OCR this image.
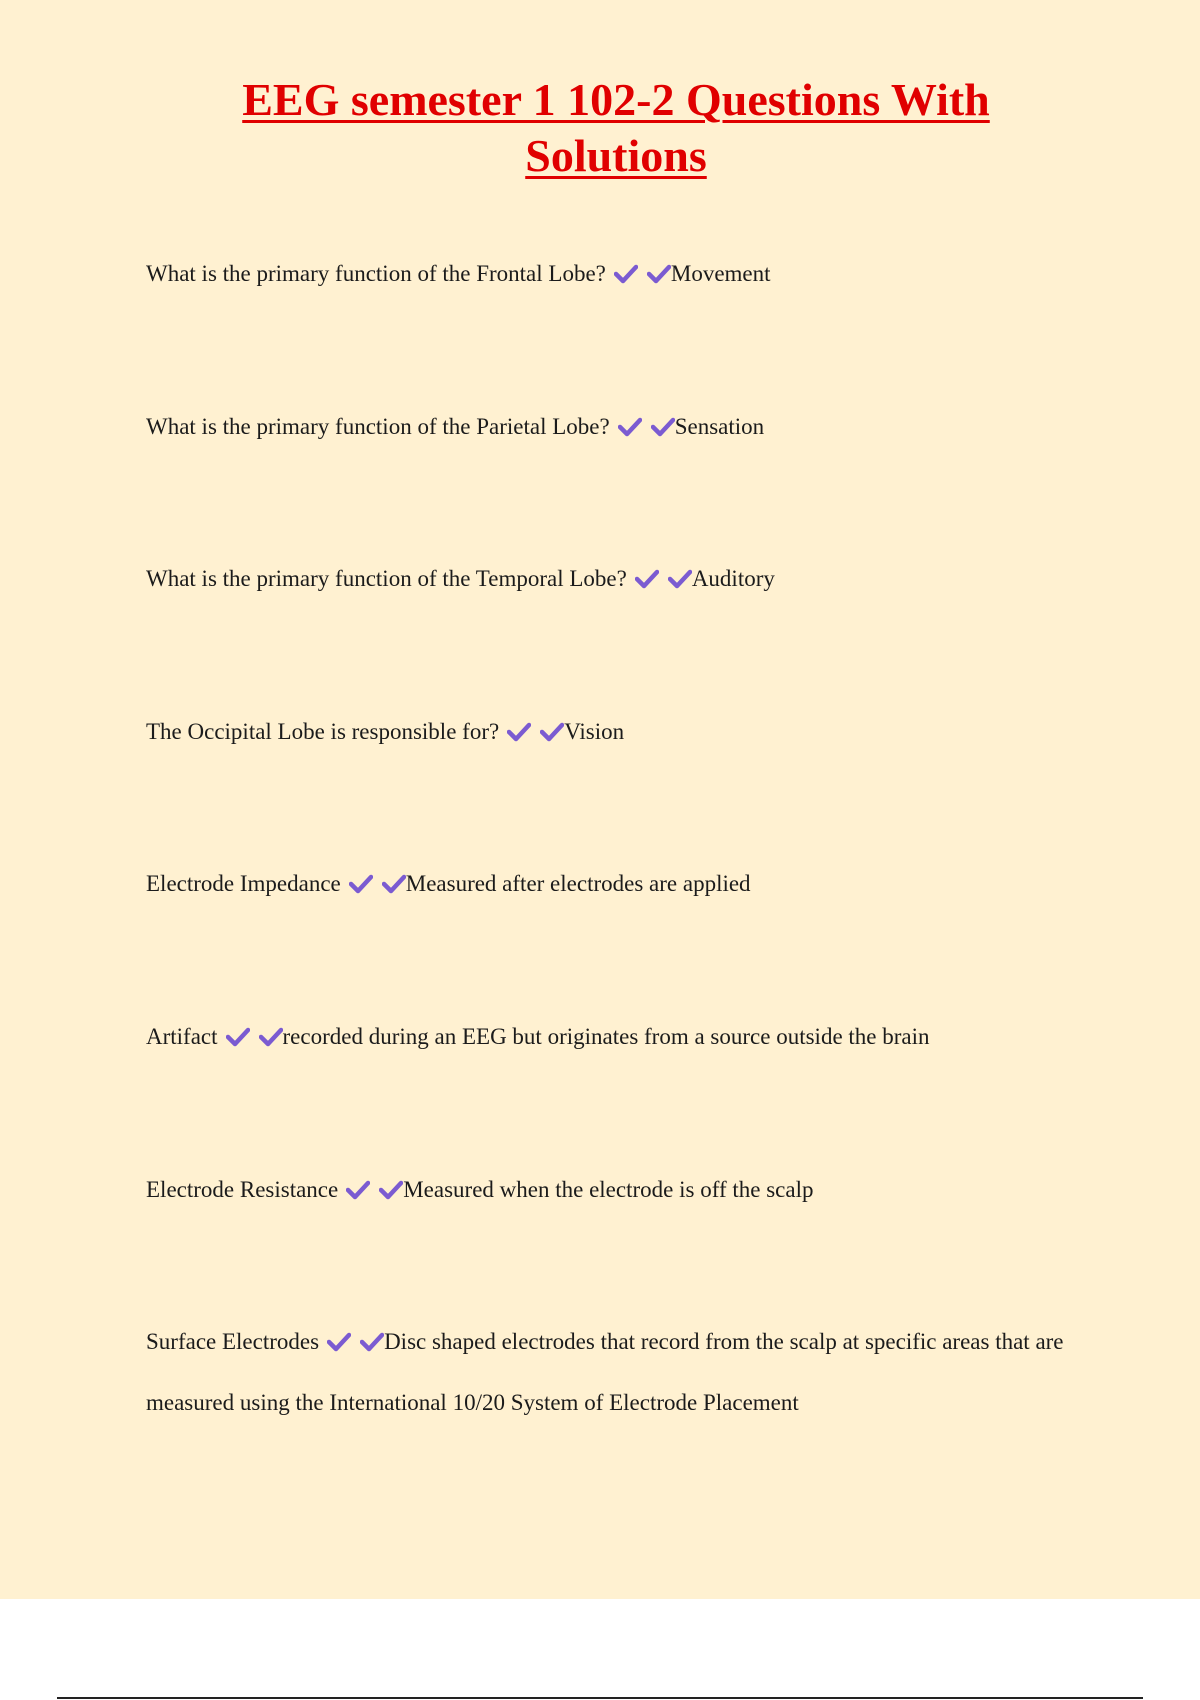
EEG semester 1 102-2 Questions With Solutions

What is the primary function of the Frontal Lobe?	Movement

What is the primary function of the Parietal Lobe?	Sensation

What is the primary function of the Temporal Lobe?	Auditory

The Occipital Lobe is responsible for?	Vision

Electrode Impedance	Measured after electrodes are applied

Artifact	recorded during an EEG but originates from a source outside the brain

Electrode Resistance	Measured when the electrode is off the scalp

Surface Electrodes	Disc shaped electrodes that record from the scalp at specific areas that are measured using the International 10/20 System of Electrode Placement
